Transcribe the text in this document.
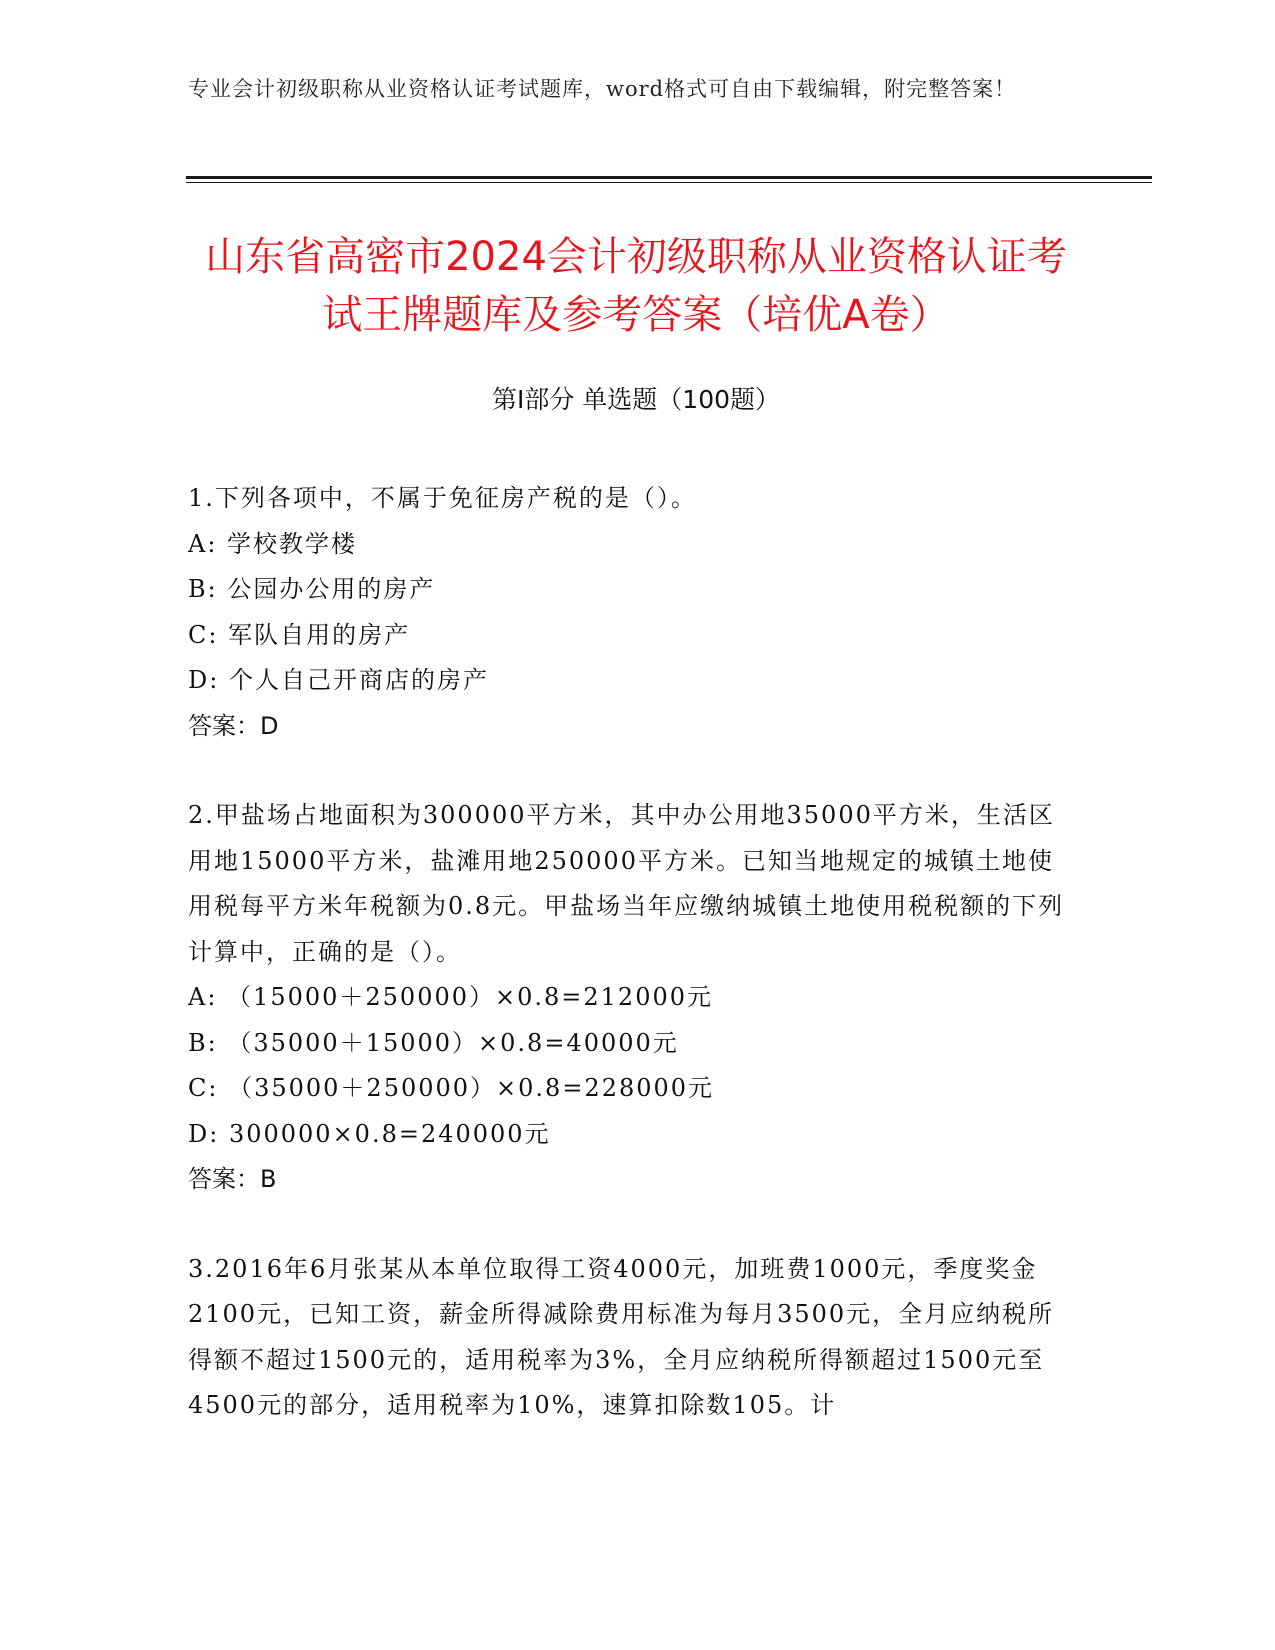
专业会计初级职称从业资格认证考试题库，word格式可自由下载编辑，附完整答案！
山东省高密市2024会计初级职称从业资格认证考试王牌题库及参考答案（培优A卷）
第I部分 单选题（100题）

1.下列各项中，不属于免征房产税的是（）。

A: 学校教学楼

B: 公园办公用的房产

C: 军队自用的房产

D: 个人自己开商店的房产

答案：D

2.甲盐场占地面积为300000平方米，其中办公用地35000平方米，生活区用地15000平方米，盐滩用地250000平方米。已知当地规定的城镇土地使用税每平方米年税额为0.8元。甲盐场当年应缴纳城镇土地使用税税额的下列计算中，正确的是（）。

A: （15000＋250000）×0.8=212000元

B: （35000＋15000）×0.8=40000元

C: （35000＋250000）×0.8=228000元

D: 300000×0.8=240000元

答案：B

3.2016年6月张某从本单位取得工资4000元，加班费1000元，季度奖金2100元，已知工资，薪金所得减除费用标准为每月3500元，全月应纳税所得额不超过1500元的，适用税率为3%，全月应纳税所得额超过1500元至4500元的部分，适用税率为10%，速算扣除数105。计
